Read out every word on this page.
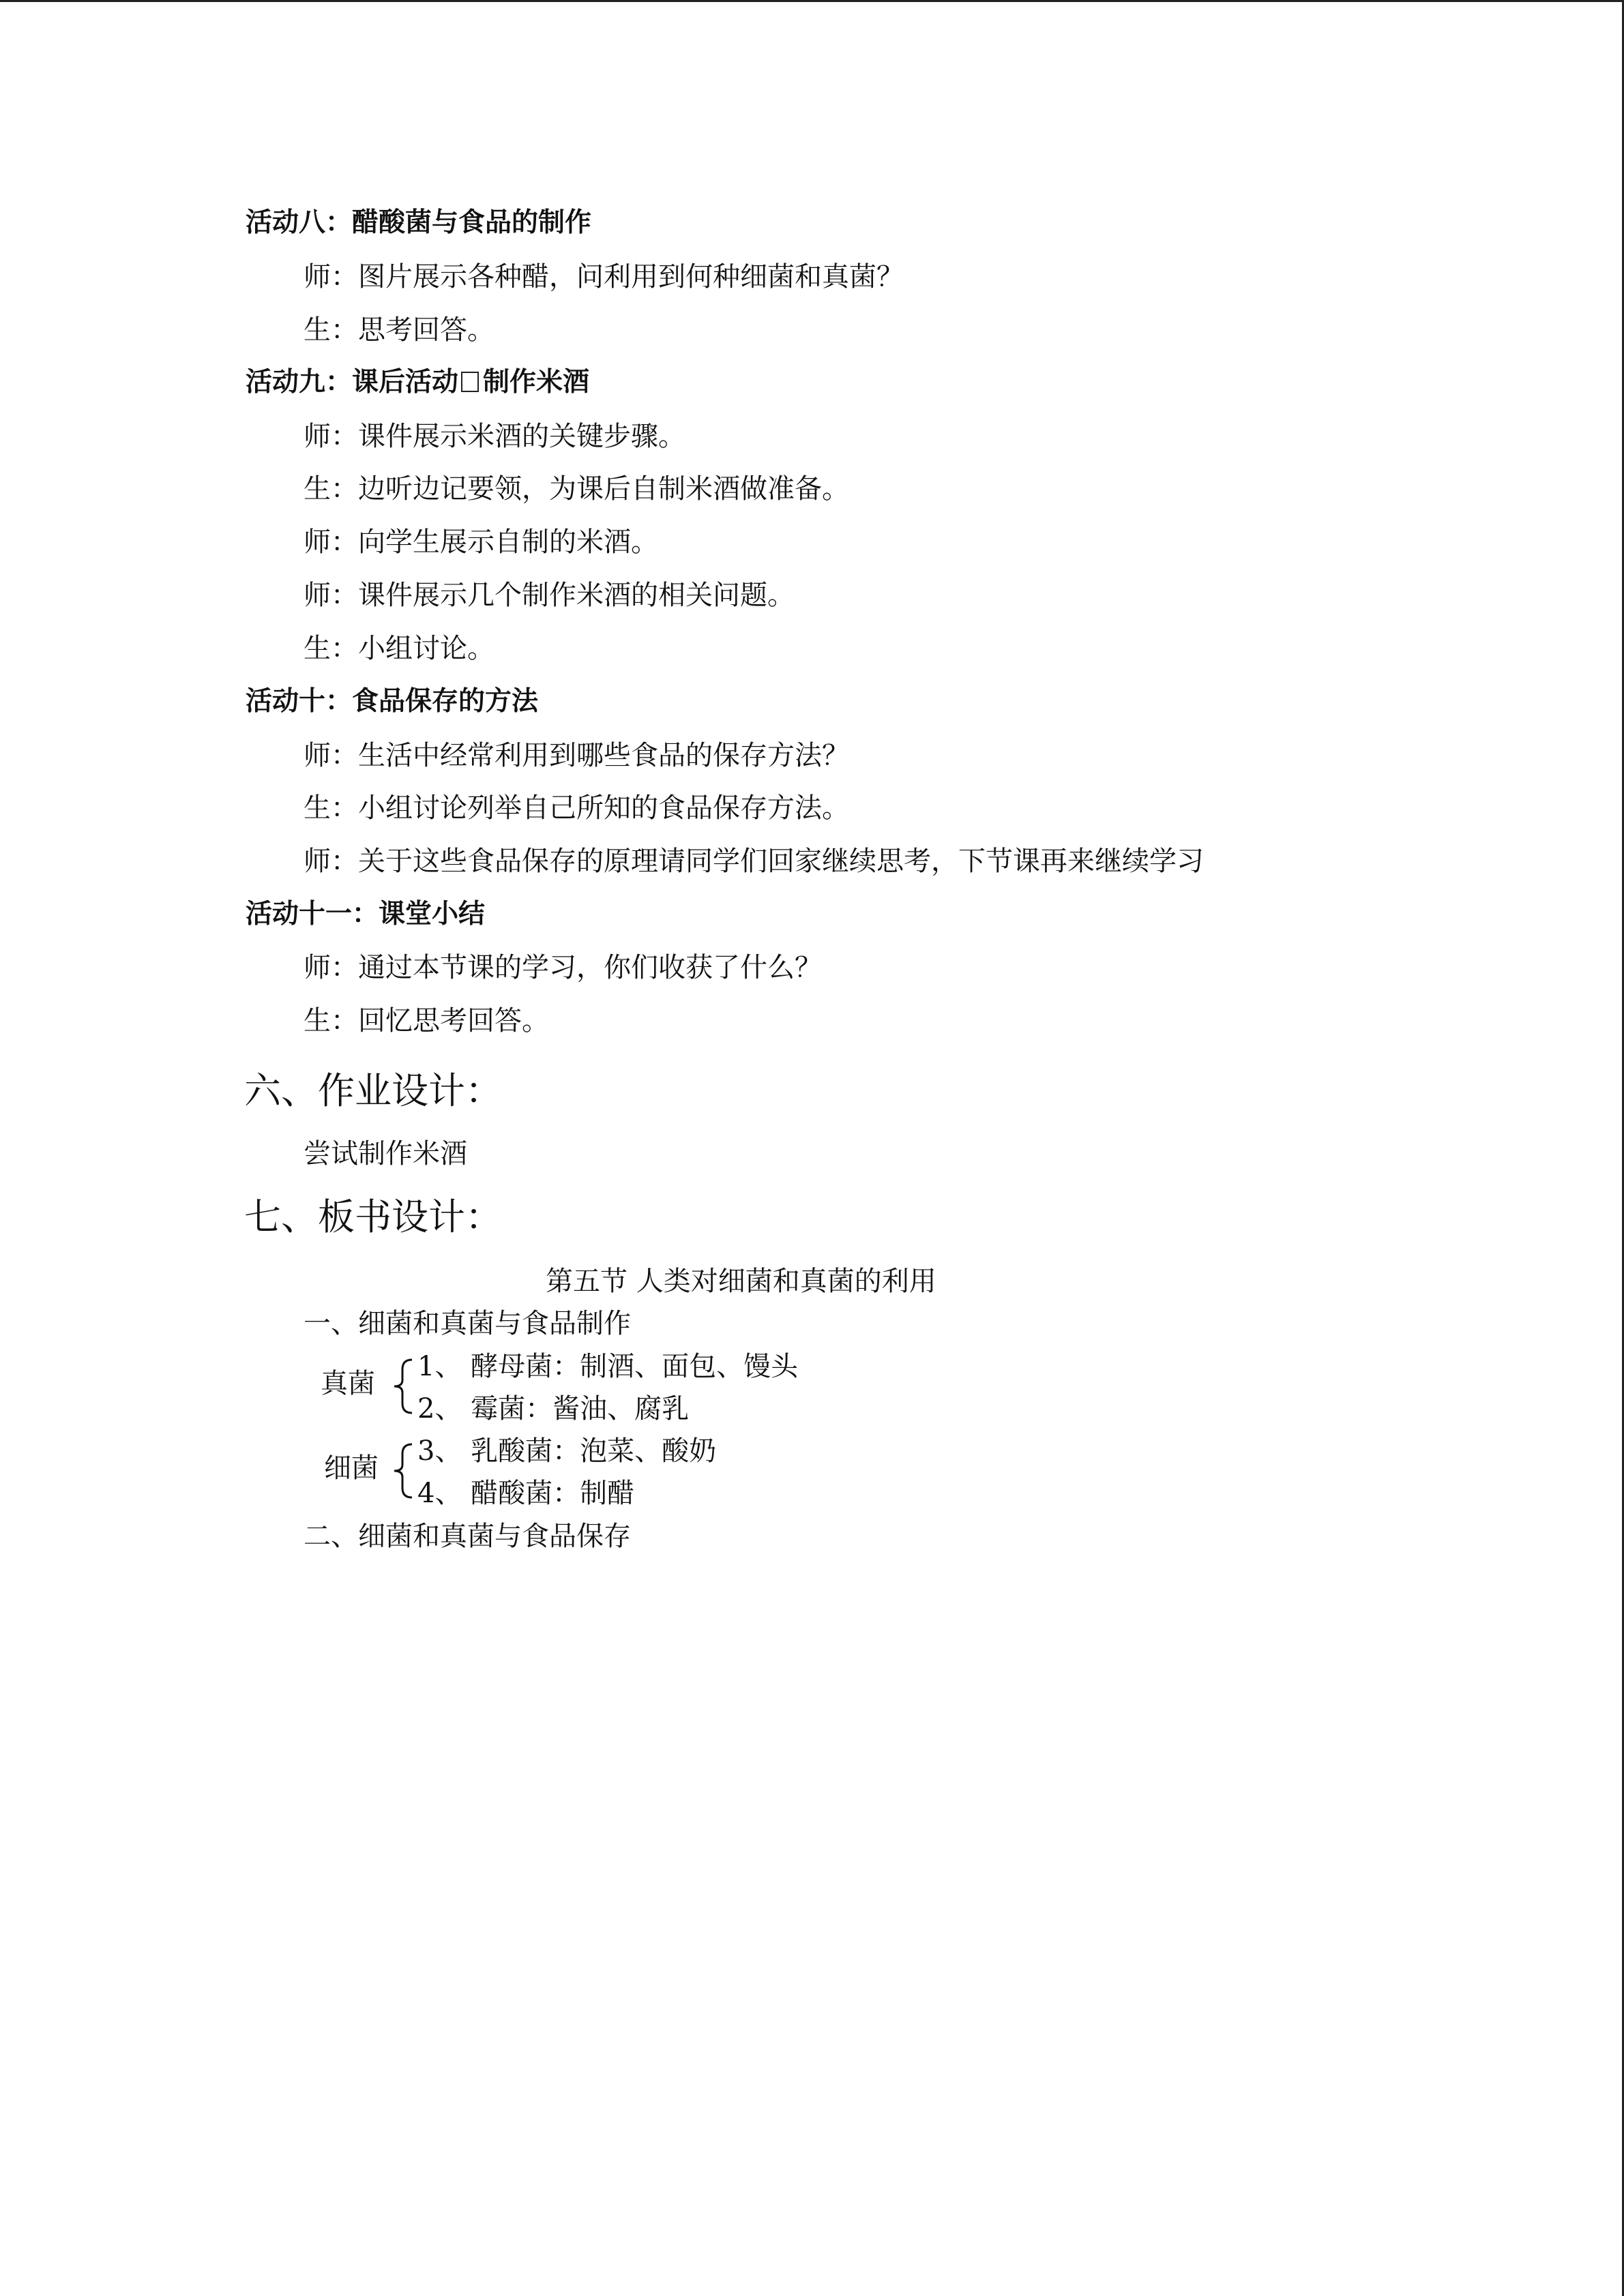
活动八：醋酸菌与食品的制作
师：图片展示各种醋，问利用到何种细菌和真菌？
生：思考回答。
活动九：课后活动 制作米酒
师：课件展示米酒的关键步骤。
生：边听边记要领，为课后自制米酒做准备。
师：向学生展示自制的米酒。
师：课件展示几个制作米酒的相关问题。
生：小组讨论。
活动十：食品保存的方法
师：生活中经常利用到哪些食品的保存方法？
生：小组讨论列举自己所知的食品保存方法。
师：关于这些食品保存的原理请同学们回家继续思考，下节课再来继续学习
活动十一：课堂小结
师：通过本节课的学习，你们收获了什么？
生：回忆思考回答。
六、作业设计：
尝试制作米酒
七、板书设计：
第五节 人类对细菌和真菌的利用
一、细菌和真菌与食品制作
真菌
1、 酵母菌：制酒、面包、馒头
2、 霉菌：酱油、腐乳
细菌
3、 乳酸菌：泡菜、酸奶
4、 醋酸菌：制醋
二、细菌和真菌与食品保存
